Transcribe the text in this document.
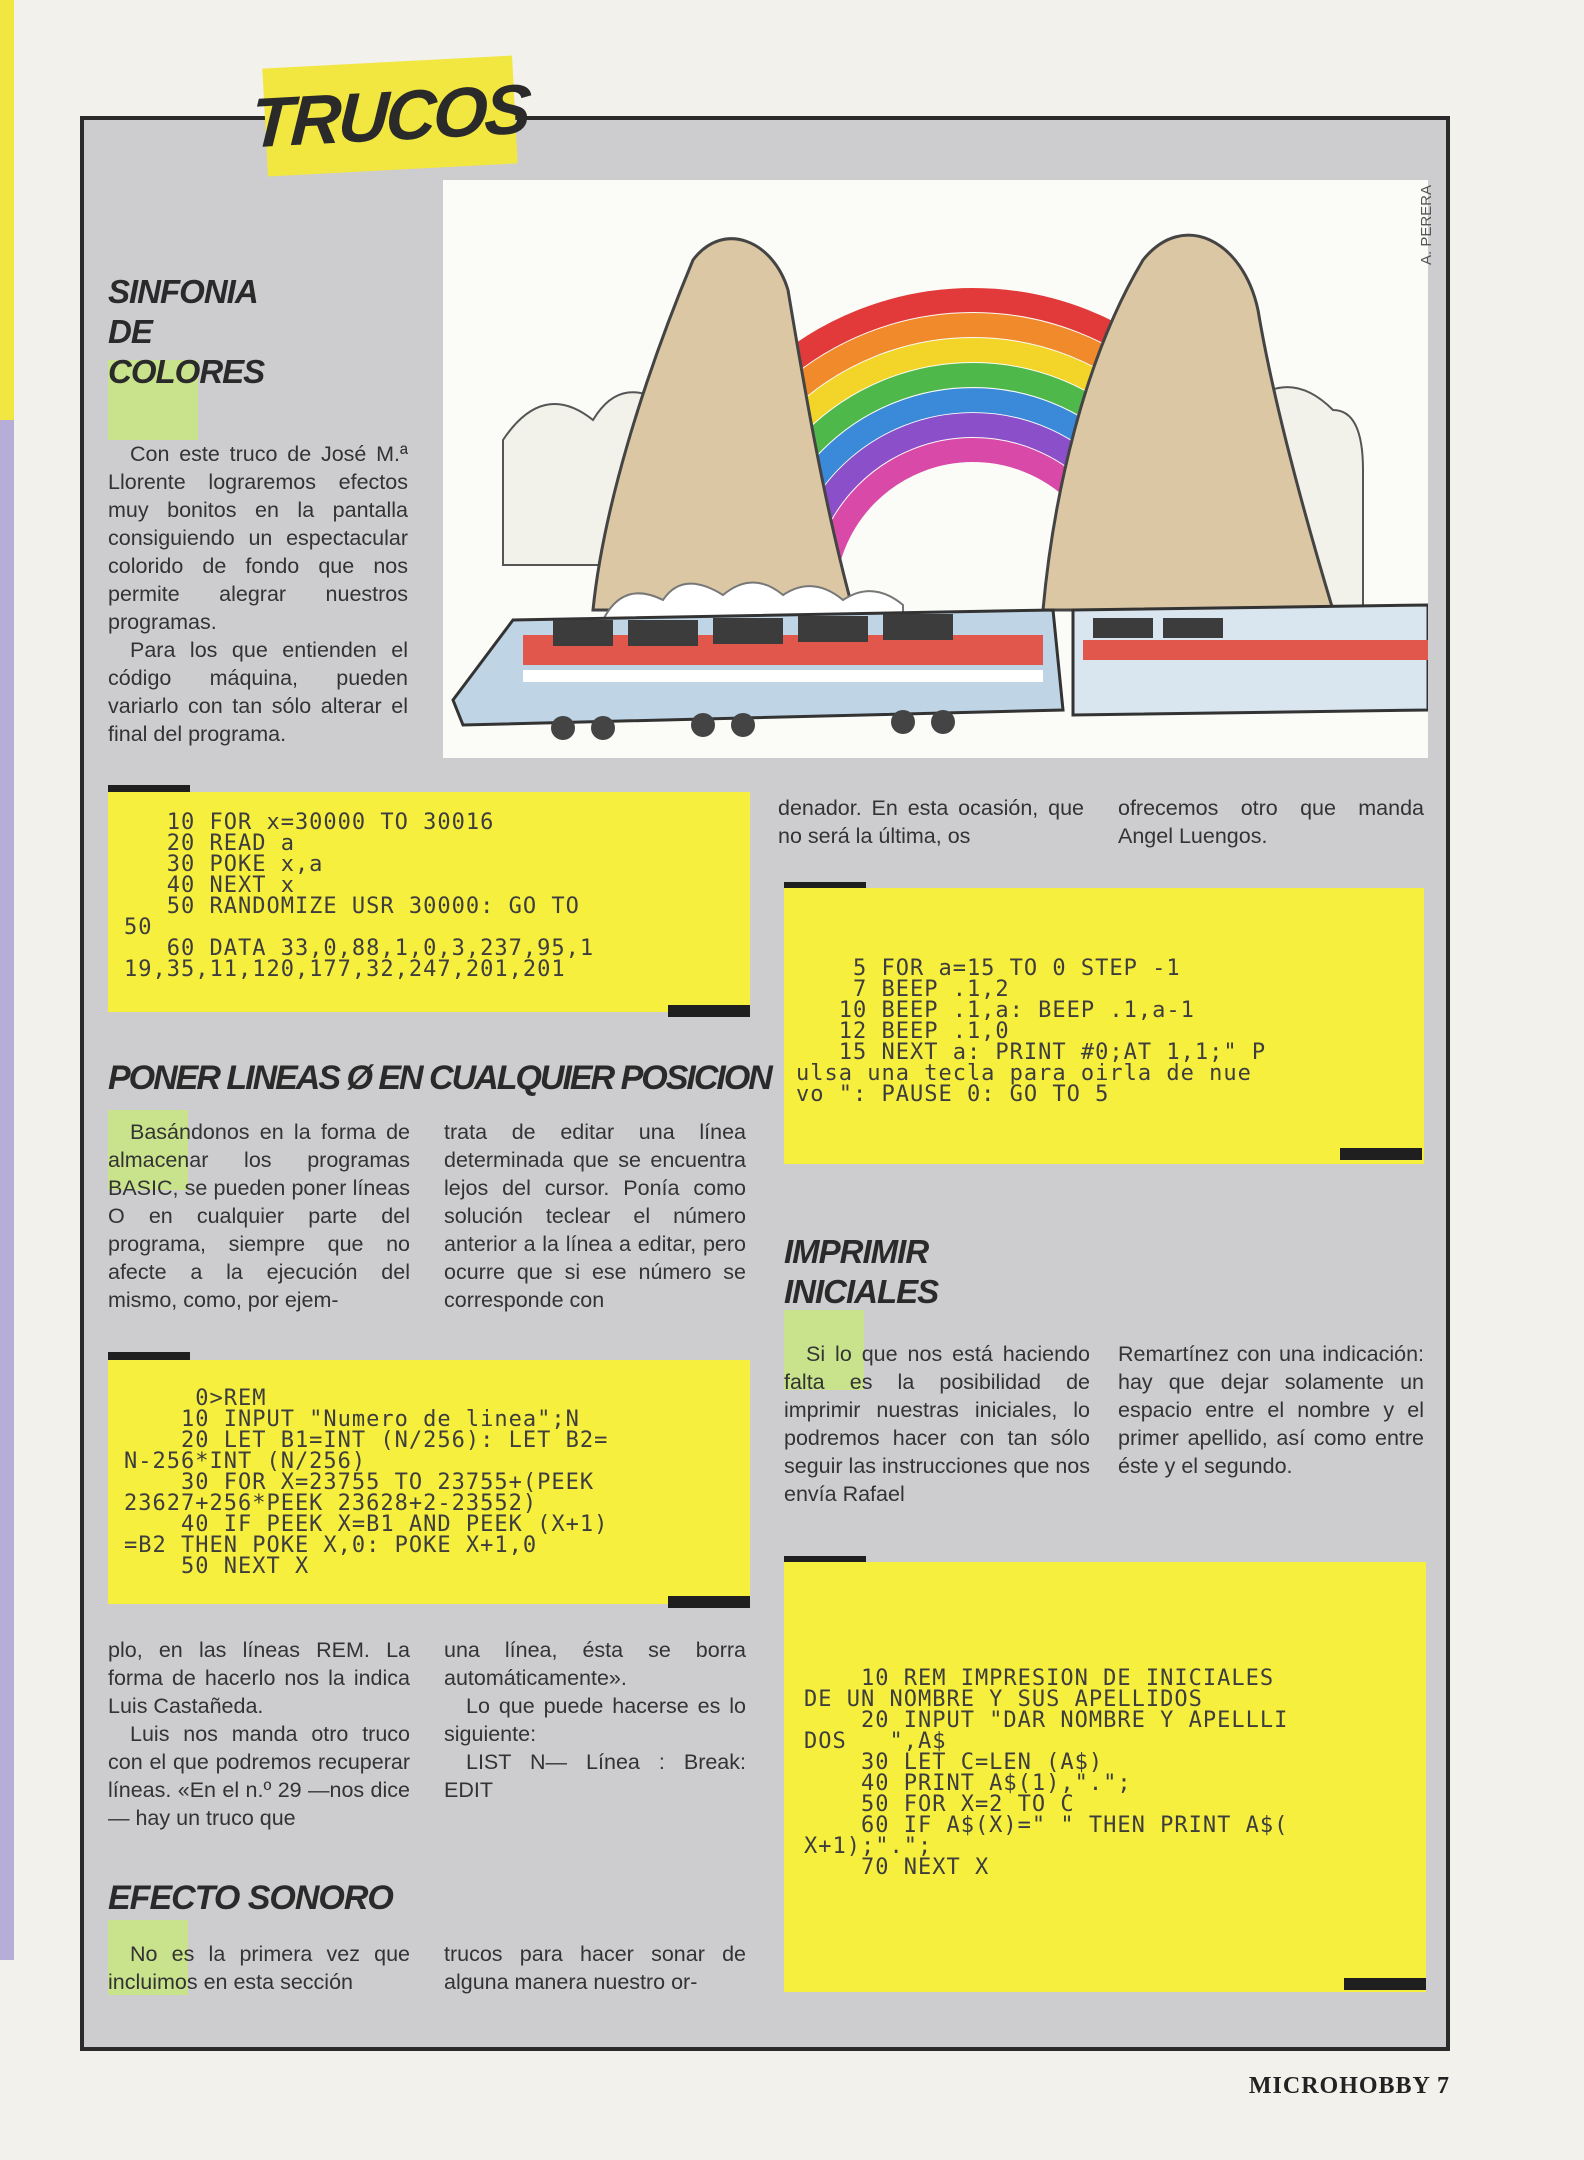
TRUCOS
A. PERERA
SINFONIA
DE
COLORES

Con este truco de José M.ª Llorente lograremos efectos muy bonitos en la pantalla consiguiendo un espectacular colorido de fondo que nos permite alegrar nuestros programas.

Para los que entienden el código máquina, pueden variarlo con tan sólo alterar el final del programa.

10 FOR x=30000 TO 30016
20 READ a
30 POKE x,a
40 NEXT x
50 RANDOMIZE USR 30000: GO TO
50
60 DATA 33,0,88,1,0,3,237,95,1
19,35,11,120,177,32,247,201,201
PONER LINEAS Ø EN CUALQUIER POSICION

Basándonos en la forma de almacenar los programas BASIC, se pueden poner líneas O en cualquier parte del programa, siempre que no afecte a la ejecución del mismo, como, por ejem-

trata de editar una línea determinada que se encuentra lejos del cursor. Ponía como solución teclear el número anterior a la línea a editar, pero ocurre que si ese número se corresponde con

0>REM
10 INPUT "Numero de linea";N
20 LET B1=INT (N/256): LET B2=
N-256*INT (N/256)
30 FOR X=23755 TO 23755+(PEEK
23627+256*PEEK 23628+2-23552)
40 IF PEEK X=B1 AND PEEK (X+1)
=B2 THEN POKE X,0: POKE X+1,0
50 NEXT X

plo, en las líneas REM. La forma de hacerlo nos la indica Luis Castañeda.

Luis nos manda otro truco con el que podremos recuperar líneas. «En el n.º 29 —nos dice— hay un truco que

una línea, ésta se borra automáticamente».

Lo que puede hacerse es lo siguiente:

LIST N— Línea : Break: EDIT

EFECTO SONORO

No es la primera vez que incluimos en esta sección

trucos para hacer sonar de alguna manera nuestro or-

denador. En esta ocasión, que no será la última, os

ofrecemos otro que manda Angel Luengos.

5 FOR a=15 TO 0 STEP -1
7 BEEP .1,2
10 BEEP .1,a: BEEP .1,a-1
12 BEEP .1,0
15 NEXT a: PRINT #0;AT 1,1;" P
ulsa una tecla para oirla de nue
vo ": PAUSE 0: GO TO 5
IMPRIMIR
INICIALES

Si lo que nos está haciendo falta es la posibilidad de imprimir nuestras iniciales, lo podremos hacer con tan sólo seguir las instrucciones que nos envía Rafael

Remartínez con una indicación: hay que dejar solamente un espacio entre el nombre y el primer apellido, así como entre éste y el segundo.

10 REM IMPRESION DE INICIALES
DE UN NOMBRE Y SUS APELLIDOS
20 INPUT "DAR NOMBRE Y APELLLI
DOS   ",A$
30 LET C=LEN (A$)
40 PRINT A$(1),".";
50 FOR X=2 TO C
60 IF A$(X)=" " THEN PRINT A$(
X+1);".";
70 NEXT X
MICROHOBBY 7
